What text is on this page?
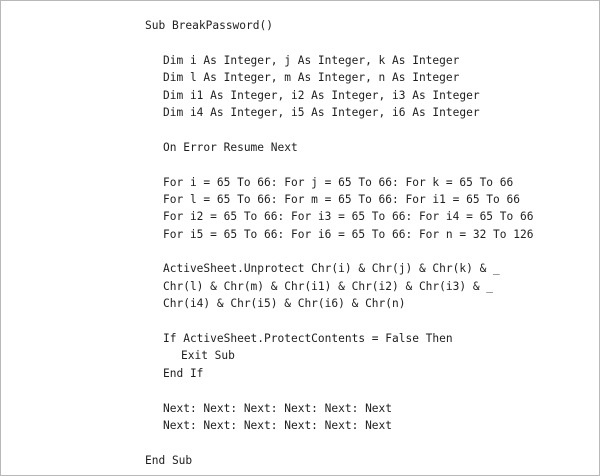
Sub BreakPassword()
Dim i As Integer, j As Integer, k As Integer
Dim l As Integer, m As Integer, n As Integer
Dim i1 As Integer, i2 As Integer, i3 As Integer
Dim i4 As Integer, i5 As Integer, i6 As Integer
On Error Resume Next
For i = 65 To 66: For j = 65 To 66: For k = 65 To 66
For l = 65 To 66: For m = 65 To 66: For i1 = 65 To 66
For i2 = 65 To 66: For i3 = 65 To 66: For i4 = 65 To 66
For i5 = 65 To 66: For i6 = 65 To 66: For n = 32 To 126
ActiveSheet.Unprotect Chr(i) & Chr(j) & Chr(k) & _
Chr(l) & Chr(m) & Chr(i1) & Chr(i2) & Chr(i3) & _
Chr(i4) & Chr(i5) & Chr(i6) & Chr(n)
If ActiveSheet.ProtectContents = False Then
Exit Sub
End If
Next: Next: Next: Next: Next: Next
Next: Next: Next: Next: Next: Next
End Sub
